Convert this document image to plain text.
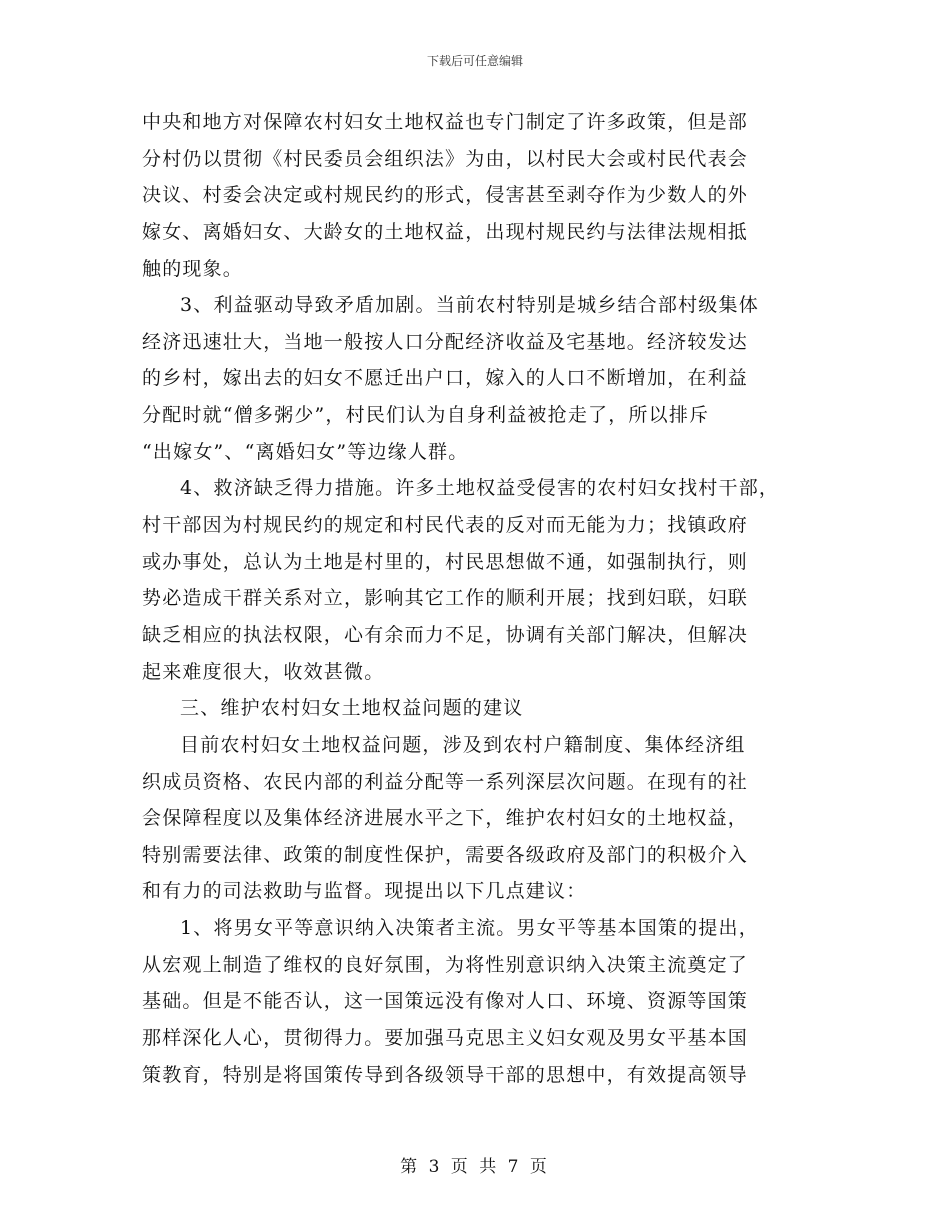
下载后可任意编辑
中央和地方对保障农村妇女土地权益也专门制定了许多政策，但是部
分村仍以贯彻《村民委员会组织法》为由，以村民大会或村民代表会
决议、村委会决定或村规民约的形式，侵害甚至剥夺作为少数人的外
嫁女、离婚妇女、大龄女的土地权益，出现村规民约与法律法规相抵
触的现象。
3、利益驱动导致矛盾加剧。当前农村特别是城乡结合部村级集体
经济迅速壮大，当地一般按人口分配经济收益及宅基地。经济较发达
的乡村，嫁出去的妇女不愿迁出户口，嫁入的人口不断增加，在利益
分配时就“僧多粥少”，村民们认为自身利益被抢走了，所以排斥
“出嫁女”、“离婚妇女”等边缘人群。
4、救济缺乏得力措施。许多土地权益受侵害的农村妇女找村干部，
村干部因为村规民约的规定和村民代表的反对而无能为力；找镇政府
或办事处，总认为土地是村里的，村民思想做不通，如强制执行，则
势必造成干群关系对立，影响其它工作的顺利开展；找到妇联，妇联
缺乏相应的执法权限，心有余而力不足，协调有关部门解决，但解决
起来难度很大，收效甚微。
三、维护农村妇女土地权益问题的建议
目前农村妇女土地权益问题，涉及到农村户籍制度、集体经济组
织成员资格、农民内部的利益分配等一系列深层次问题。在现有的社
会保障程度以及集体经济进展水平之下，维护农村妇女的土地权益，
特别需要法律、政策的制度性保护，需要各级政府及部门的积极介入
和有力的司法救助与监督。现提出以下几点建议：
1、将男女平等意识纳入决策者主流。男女平等基本国策的提出，
从宏观上制造了维权的良好氛围，为将性别意识纳入决策主流奠定了
基础。但是不能否认，这一国策远没有像对人口、环境、资源等国策
那样深化人心，贯彻得力。要加强马克思主义妇女观及男女平基本国
策教育，特别是将国策传导到各级领导干部的思想中，有效提高领导
第 3 页 共 7 页
